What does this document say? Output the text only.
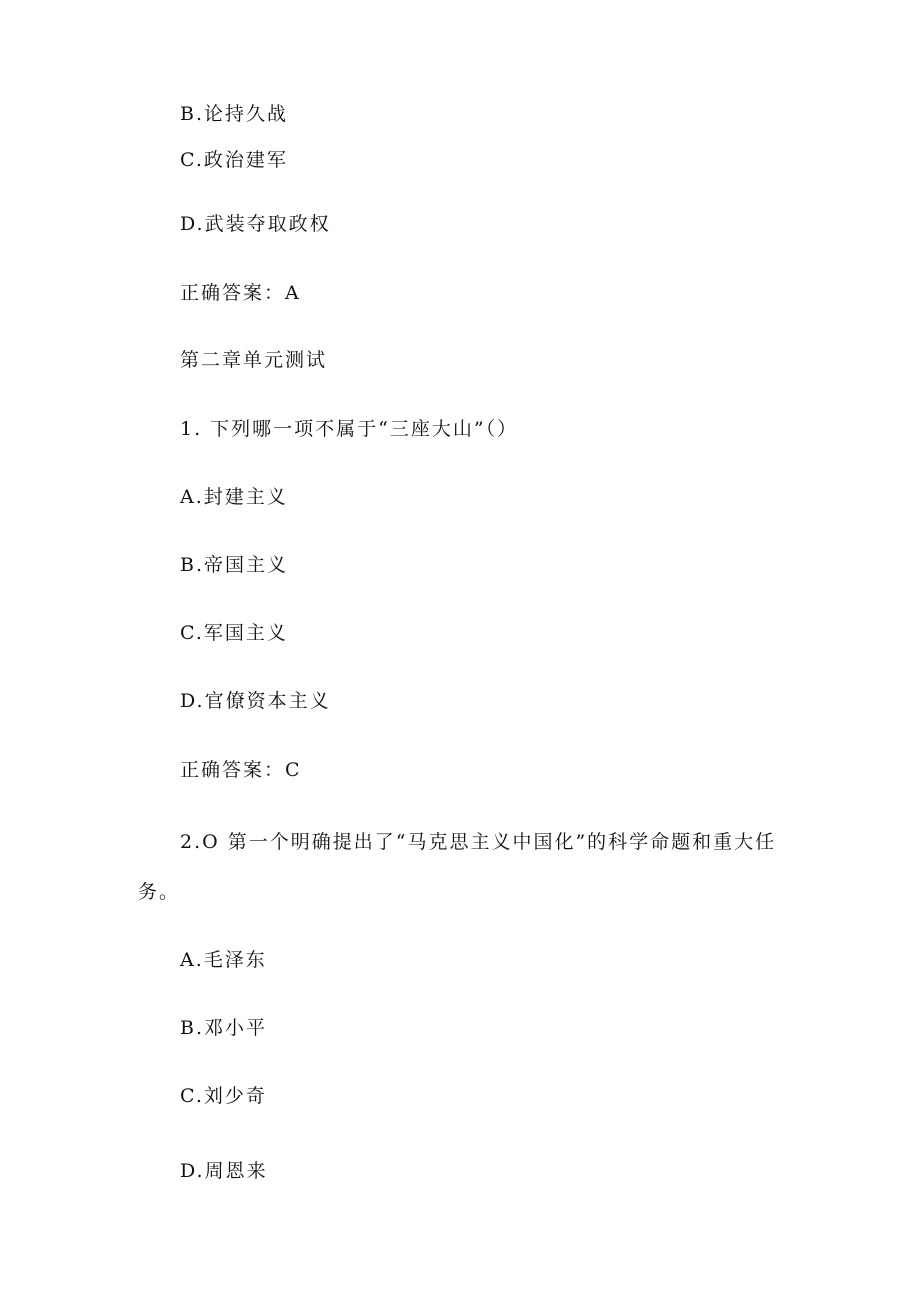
B.论持久战
C.政治建军
D.武装夺取政权
正确答案：A
第二章单元测试
1. 下列哪一项不属于“三座大山”（）
A.封建主义
B.帝国主义
C.军国主义
D.官僚资本主义
正确答案：C
2.O 第一个明确提出了“马克思主义中国化”的科学命题和重大任
务。
A.毛泽东
B.邓小平
C.刘少奇
D.周恩来
